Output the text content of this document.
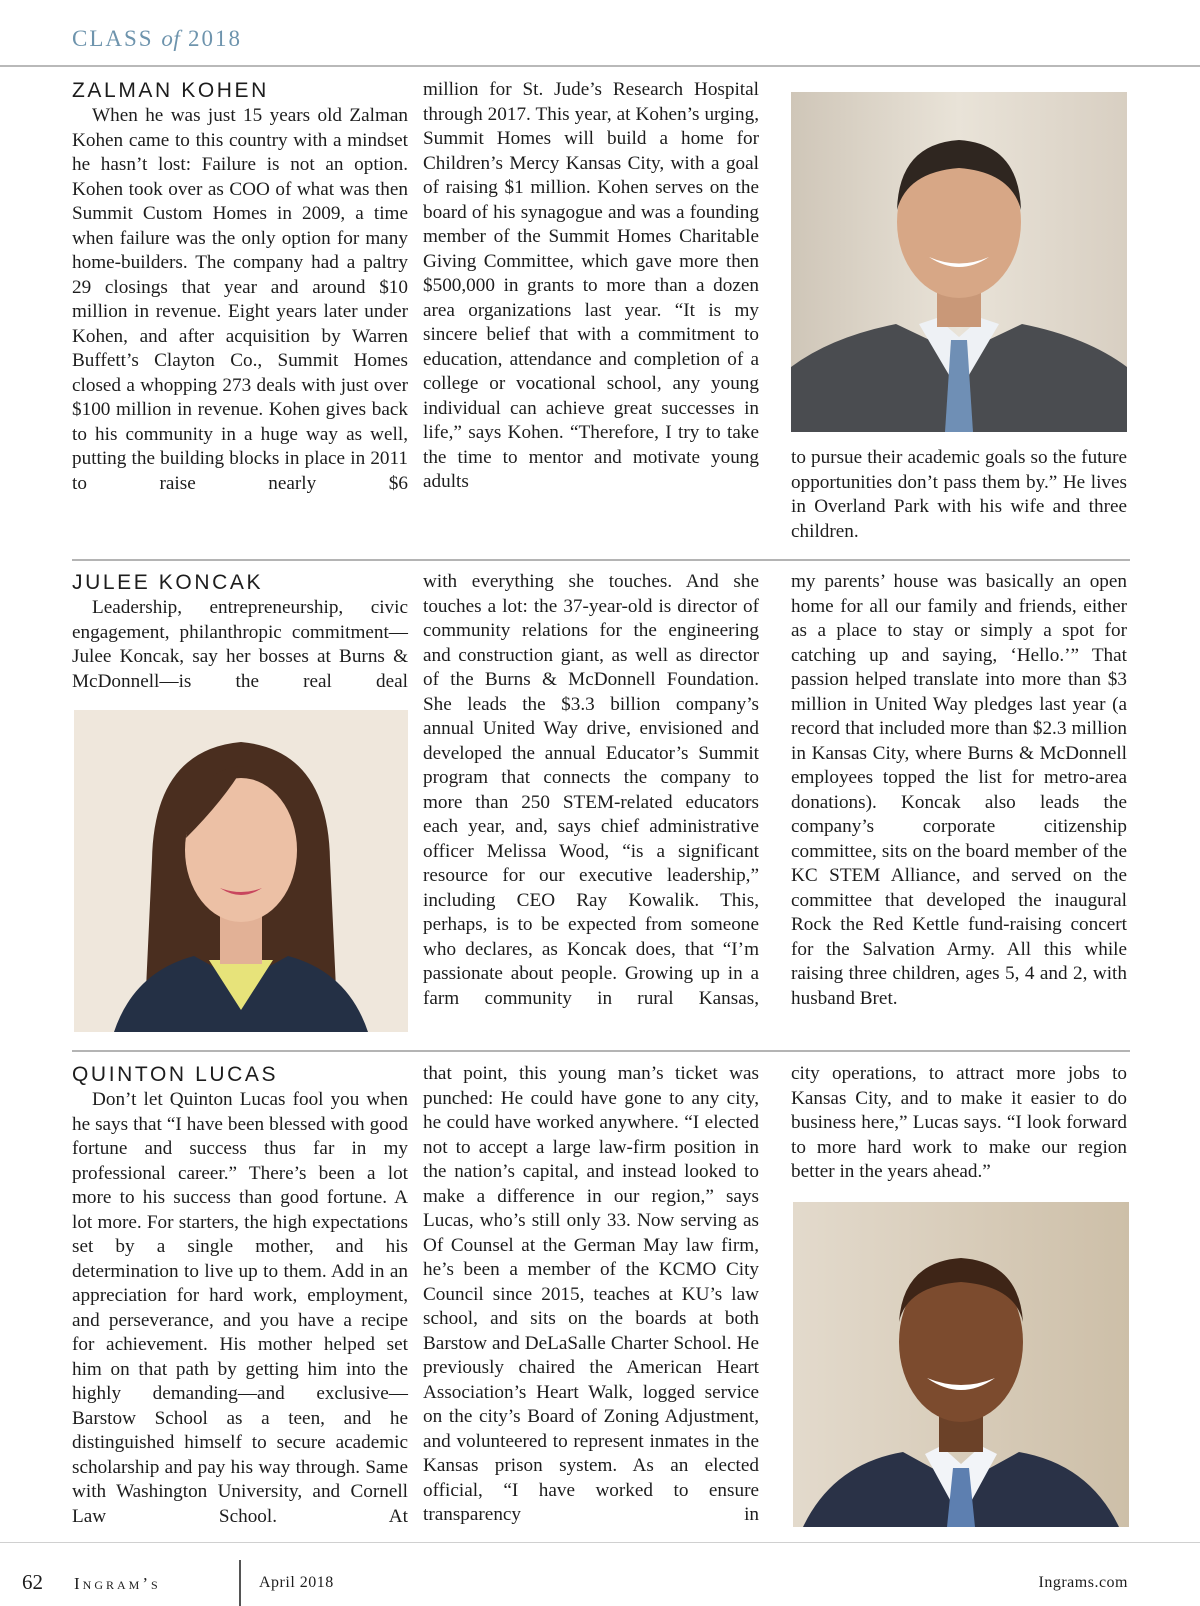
CLASS of 2018
ZALMAN KOHEN

When he was just 15 years old Zalman Kohen came to this country with a mindset he hasn’t lost: Failure is not an option. Kohen took over as COO of what was then Summit Custom Homes in 2009, a time when failure was the only option for many home-builders. The company had a paltry 29 closings that year and around $10 million in revenue. Eight years later under Kohen, and after acquisition by Warren Buffett’s Clayton Co., Summit Homes closed a whopping 273 deals with just over $100 million in revenue. Kohen gives back to his community in a huge way as well, putting the building blocks in place in 2011 to raise nearly $6

million for St. Jude’s Research Hospital through 2017. This year, at Kohen’s urging, Summit Homes will build a home for Children’s Mercy Kansas City, with a goal of raising $1 million. Kohen serves on the board of his synagogue and was a founding member of the Summit Homes Charitable Giving Committee, which gave more then $500,000 in grants to more than a dozen area organizations last year. “It is my sincere belief that with a commitment to education, attendance and completion of a college or vocational school, any young individual can achieve great successes in life,” says Kohen. “Therefore, I try to take the time to mentor and motivate young adults

to pursue their academic goals so the future opportunities don’t pass them by.” He lives in Overland Park with his wife and three children.

JULEE KONCAK

Leadership, entrepreneurship, civic engagement, philanthropic commitment—Julee Koncak, say her bosses at Burns & McDonnell—is the real deal

with everything she touches. And she touches a lot: the 37-year-old is director of community relations for the engineering and construction giant, as well as director of the Burns & McDonnell Foundation. She leads the $3.3 billion company’s annual United Way drive, envisioned and developed the annual Educator’s Summit program that connects the company to more than 250 STEM-related educators each year, and, says chief administrative officer Melissa Wood, “is a significant resource for our executive leadership,” including CEO Ray Kowalik. This, perhaps, is to be expected from someone who declares, as Koncak does, that “I’m passionate about people. Growing up in a farm community in rural Kansas,

my parents’ house was basically an open home for all our family and friends, either as a place to stay or simply a spot for catching up and saying, ‘Hello.’” That passion helped translate into more than $3 million in United Way pledges last year (a record that included more than $2.3 million in Kansas City, where Burns & McDonnell employees topped the list for metro-area donations). Koncak also leads the company’s corporate citizenship committee, sits on the board member of the KC STEM Alliance, and served on the committee that developed the inaugural Rock the Red Kettle fund-raising concert for the Salvation Army. All this while raising three children, ages 5, 4 and 2, with husband Bret.

QUINTON LUCAS

Don’t let Quinton Lucas fool you when he says that “I have been blessed with good fortune and success thus far in my professional career.” There’s been a lot more to his success than good fortune. A lot more. For starters, the high expectations set by a single mother, and his determination to live up to them. Add in an appreciation for hard work, employment, and perseverance, and you have a recipe for achievement. His mother helped set him on that path by getting him into the highly demanding—and exclusive—Barstow School as a teen, and he distinguished himself to secure academic scholarship and pay his way through. Same with Washington University, and Cornell Law School. At

that point, this young man’s ticket was punched: He could have gone to any city, he could have worked anywhere. “I elected not to accept a large law-firm position in the nation’s capital, and instead looked to make a difference in our region,” says Lucas, who’s still only 33. Now serving as Of Counsel at the German May law firm, he’s been a member of the KCMO City Council since 2015, teaches at KU’s law school, and sits on the boards at both Barstow and DeLaSalle Charter School. He previously chaired the American Heart Association’s Heart Walk, logged service on the city’s Board of Zoning Adjustment, and volunteered to represent inmates in the Kansas prison system. As an elected official, “I have worked to ensure transparency in

city operations, to attract more jobs to Kansas City, and to make it easier to do business here,” Lucas says. “I look forward to more hard work to make our region better in the years ahead.”

62 Ingram’s	April 2018	Ingrams.com
